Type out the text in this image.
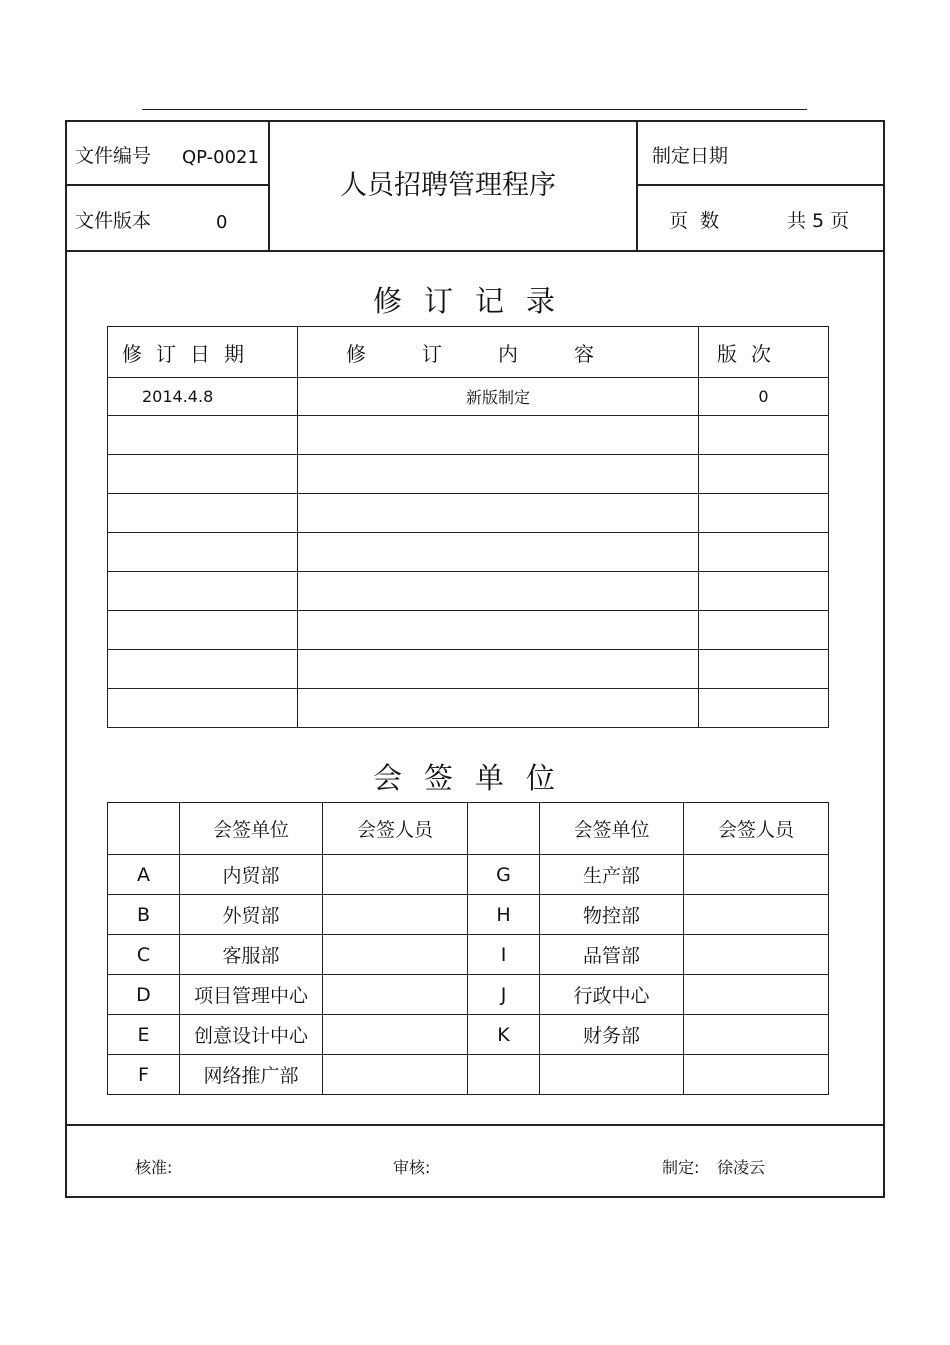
文件编号 QP-0021
文件版本	0
人员招聘管理程序
制定日期
页  数	共 5 页
修订记录
修订日期	修订内容	版次
2014.4.8	新版制定	0

会签单位
	会签单位	会签人员		会签单位	会签人员
A	内贸部		G	生产部	
B	外贸部		H	物控部	
C	客服部		I	品管部	
D	项目管理中心		J	行政中心	
E	创意设计中心		K	财务部	
F	网络推广部				
核准:	审核:	制定: 徐凌云
